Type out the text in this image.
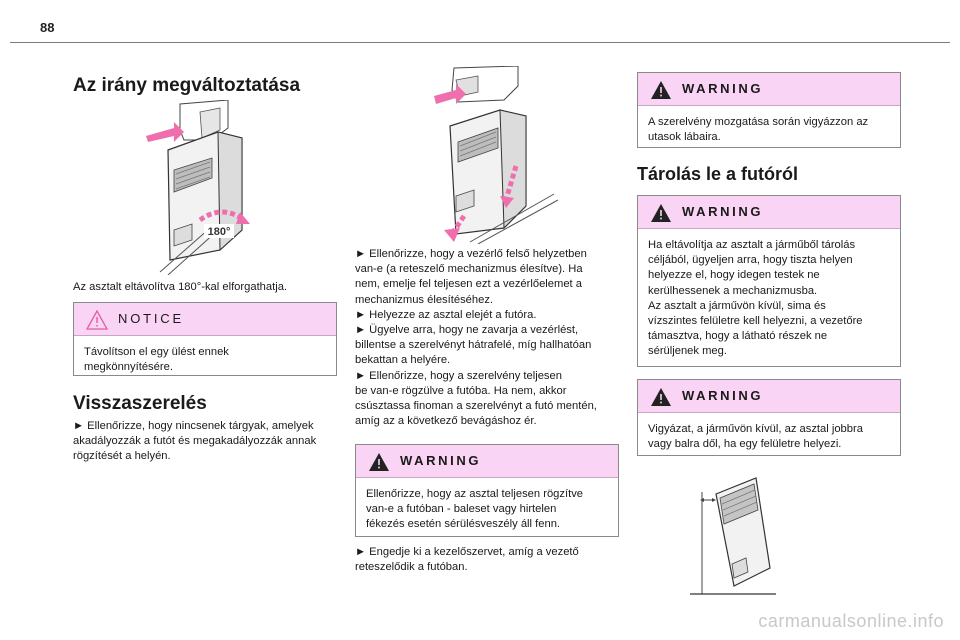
88
Az irány megváltoztatása
180°

Az asztalt eltávolítva 180°-kal elforgathatja.

NOTICE
Távolítson el egy ülést ennek
megkönnyítésére.
Visszaszerelés

► Ellenőrizze, hogy nincsenek tárgyak, amelyek
akadályozzák a futót és megakadályozzák annak
rögzítését a helyén.

► Ellenőrizze, hogy a vezérlő felső helyzetben
van-e (a reteszelő mechanizmus élesítve). Ha
nem, emelje fel teljesen ezt a vezérlőelemet a
mechanizmus élesítéséhez.
► Helyezze az asztal elejét a futóra.
► Ügyelve arra, hogy ne zavarja a vezérlést,
billentse a szerelvényt hátrafelé, míg hallhatóan
bekattan a helyére.
► Ellenőrizze, hogy a szerelvény teljesen
be van-e rögzülve a futóba. Ha nem, akkor
csúsztassa finoman a szerelvényt a futó mentén,
amíg az a következő bevágáshoz ér.

WARNING
Ellenőrizze, hogy az asztal teljesen rögzítve
van-e a futóban - baleset vagy hirtelen
fékezés esetén sérülésveszély áll fenn.

► Engedje ki a kezelőszervet, amíg a vezető
reteszelődik a futóban.

WARNING
A szerelvény mozgatása során vigyázzon az
utasok lábaira.
Tárolás le a futóról
WARNING
Ha eltávolítja az asztalt a járműből tárolás
céljából, ügyeljen arra, hogy tiszta helyen
helyezze el, hogy idegen testek ne
kerülhessenek a mechanizmusba.
Az asztalt a járművön kívül, sima és
vízszintes felületre kell helyezni, a vezetőre
támasztva, hogy a látható részek ne
sérüljenek meg.
WARNING
Vigyázat, a járművön kívül, az asztal jobbra
vagy balra dől, ha egy felületre helyezi.
carmanualsonline.info
